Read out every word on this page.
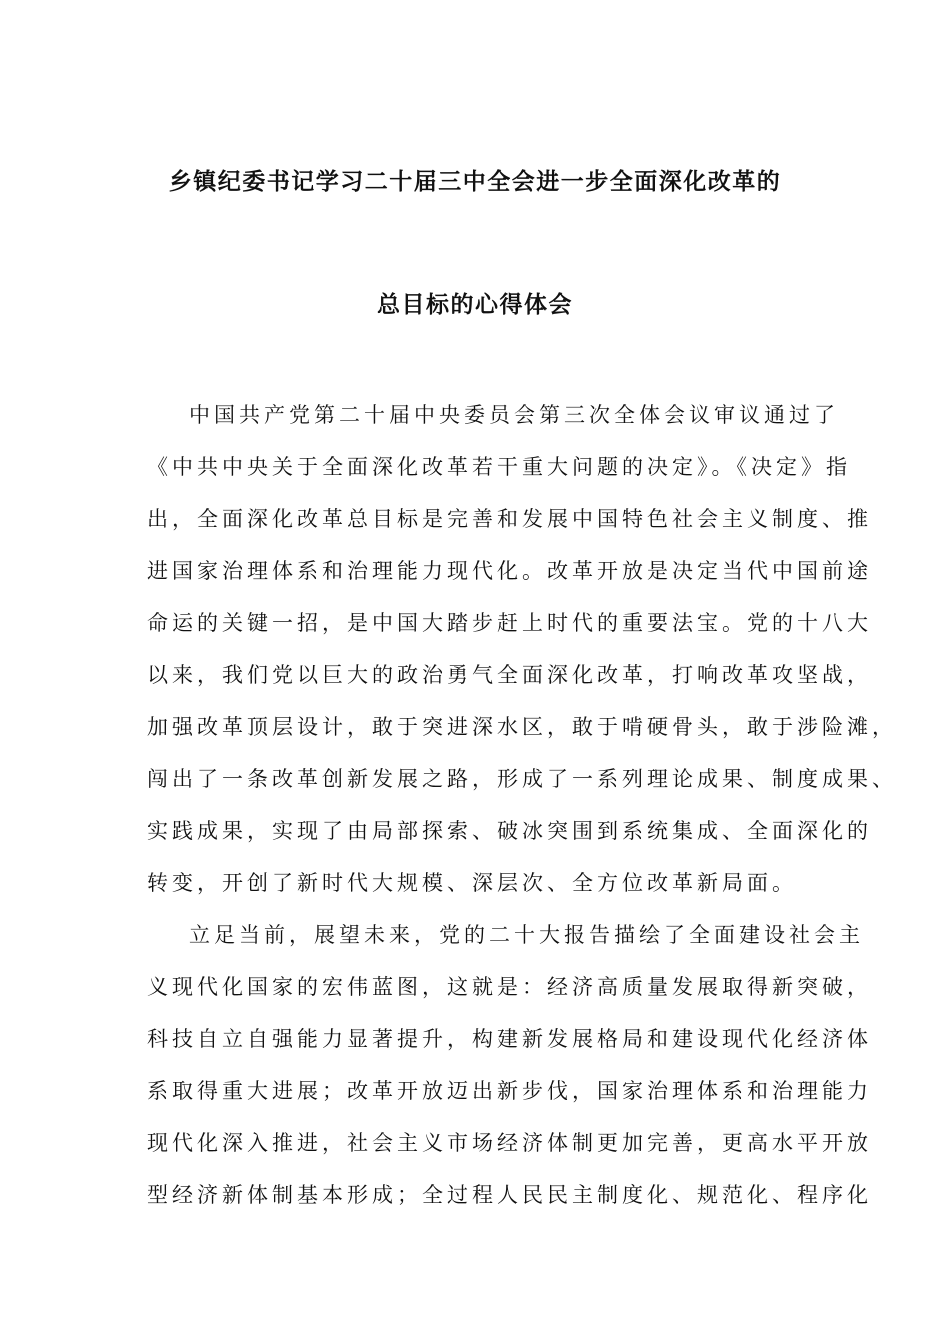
乡镇纪委书记学习二十届三中全会进一步全面深化改革的
总目标的心得体会
中国共产党第二十届中央委员会第三次全体会议审议通过了
《中共中央关于全面深化改革若干重大问题的决定》。《决定》指
出，全面深化改革总目标是完善和发展中国特色社会主义制度、推
进国家治理体系和治理能力现代化。改革开放是决定当代中国前途
命运的关键一招，是中国大踏步赶上时代的重要法宝。党的十八大
以来，我们党以巨大的政治勇气全面深化改革，打响改革攻坚战，
加强改革顶层设计，敢于突进深水区，敢于啃硬骨头，敢于涉险滩，
闯出了一条改革创新发展之路，形成了一系列理论成果、制度成果、
实践成果，实现了由局部探索、破冰突围到系统集成、全面深化的
转变，开创了新时代大规模、深层次、全方位改革新局面。
立足当前，展望未来，党的二十大报告描绘了全面建设社会主
义现代化国家的宏伟蓝图，这就是：经济高质量发展取得新突破，
科技自立自强能力显著提升，构建新发展格局和建设现代化经济体
系取得重大进展；改革开放迈出新步伐，国家治理体系和治理能力
现代化深入推进，社会主义市场经济体制更加完善，更高水平开放
型经济新体制基本形成；全过程人民民主制度化、规范化、程序化
